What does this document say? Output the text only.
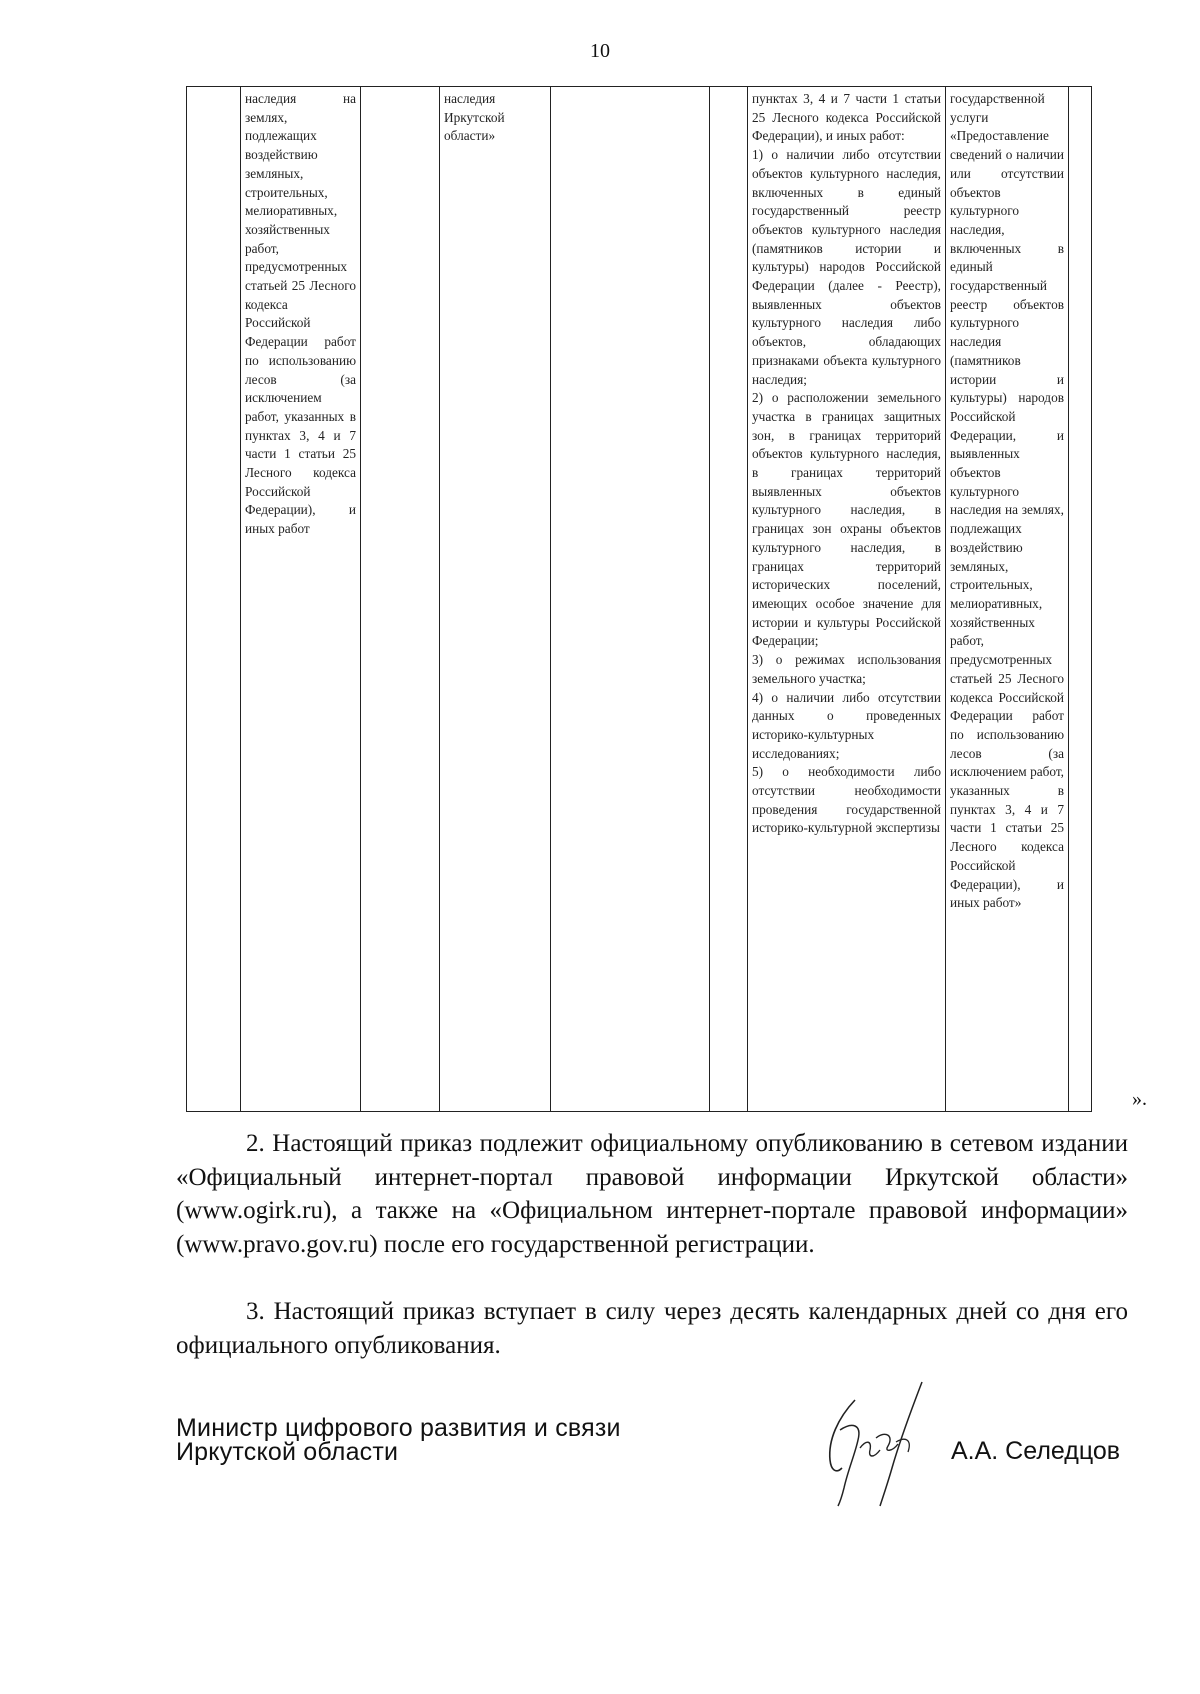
10
	наследия на землях, подлежащих воздействию земляных, строительных, мелиоративных, хозяйственных работ, предусмотренных статьей 25 Лесного кодекса Российской Федерации работ по использованию лесов (за исключением работ, указанных в пунктах 3, 4 и 7 части 1 статьи 25 Лесного кодекса Российской Федерации), и иных работ		наследия Иркутской области»			пунктах 3, 4 и 7 части 1 статьи 25 Лесного кодекса Российской Федерации), и иных работ:
1) о наличии либо отсутствии объектов культурного наследия, включенных в единый государственный реестр объектов культурного наследия (памятников истории и культуры) народов Российской Федерации (далее - Реестр), выявленных объектов культурного наследия либо объектов, обладающих признаками объекта культурного наследия;
2) о расположении земельного участка в границах защитных зон, в границах территорий объектов культурного наследия, в границах территорий выявленных объектов культурного наследия, в границах зон охраны объектов культурного наследия, в границах территорий исторических поселений, имеющих особое значение для истории и культуры Российской Федерации;
3) о режимах использования земельного участка;
4) о наличии либо отсутствии данных о проведенных историко-культурных исследованиях;
5) о необходимости либо отсутствии необходимости проведения государственной историко-культурной экспертизы	государственной услуги «Предоставление сведений о наличии или отсутствии объектов культурного наследия, включенных в единый государственный реестр объектов культурного наследия (памятников истории и культуры) народов Российской Федерации, и выявленных объектов культурного наследия на землях, подлежащих воздействию земляных, строительных, мелиоративных, хозяйственных работ, предусмотренных статьей 25 Лесного кодекса Российской Федерации работ по использованию лесов (за исключением работ, указанных в пунктах 3, 4 и 7 части 1 статьи 25 Лесного кодекса Российской Федерации), и иных работ»	
».
2. Настоящий приказ подлежит официальному опубликованию в сетевом издании «Официальный интернет-портал правовой информации Иркутской области» (www.ogirk.ru), а также на «Официальном интернет-портале правовой информации» (www.pravo.gov.ru) после его государственной регистрации.
3. Настоящий приказ вступает в силу через десять календарных дней со дня его официального опубликования.
Министр цифрового развития и связи
Иркутской области	А.А. Селедцов
